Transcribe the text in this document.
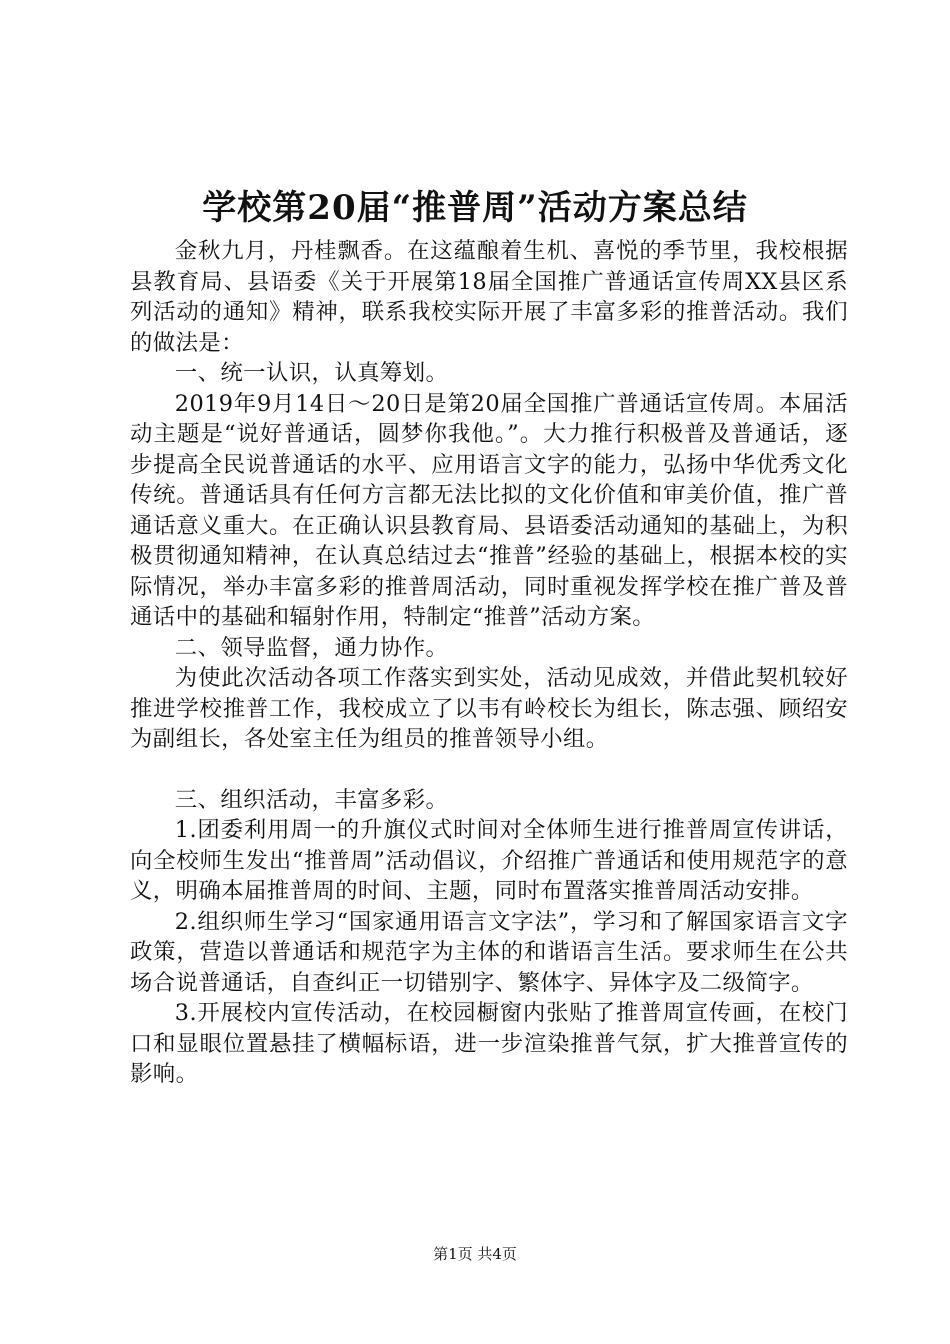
学校第20届“推普周”活动方案总结

金秋九月，丹桂飘香。在这蕴酿着生机、喜悦的季节里，我校根据县教育局、县语委《关于开展第18届全国推广普通话宣传周XX县区系列活动的通知》精神，联系我校实际开展了丰富多彩的推普活动。我们的做法是：

一、统一认识，认真筹划。

2019年9月14日～20日是第20届全国推广普通话宣传周。本届活动主题是“说好普通话，圆梦你我他。”。大力推行积极普及普通话，逐步提高全民说普通话的水平、应用语言文字的能力，弘扬中华优秀文化传统。普通话具有任何方言都无法比拟的文化价值和审美价值，推广普通话意义重大。在正确认识县教育局、县语委活动通知的基础上，为积极贯彻通知精神，在认真总结过去“推普”经验的基础上，根据本校的实际情况，举办丰富多彩的推普周活动，同时重视发挥学校在推广普及普通话中的基础和辐射作用，特制定“推普”活动方案。

二、领导监督，通力协作。

为使此次活动各项工作落实到实处，活动见成效，并借此契机较好推进学校推普工作，我校成立了以韦有岭校长为组长，陈志强、顾绍安为副组长，各处室主任为组员的推普领导小组。

三、组织活动，丰富多彩。

1.团委利用周一的升旗仪式时间对全体师生进行推普周宣传讲话，向全校师生发出“推普周”活动倡议，介绍推广普通话和使用规范字的意义，明确本届推普周的时间、主题，同时布置落实推普周活动安排。

2.组织师生学习“国家通用语言文字法”，学习和了解国家语言文字政策，营造以普通话和规范字为主体的和谐语言生活。要求师生在公共场合说普通话，自查纠正一切错别字、繁体字、异体字及二级简字。

3.开展校内宣传活动，在校园橱窗内张贴了推普周宣传画，在校门口和显眼位置悬挂了横幅标语，进一步渲染推普气氛，扩大推普宣传的影响。

第1页 共4页
